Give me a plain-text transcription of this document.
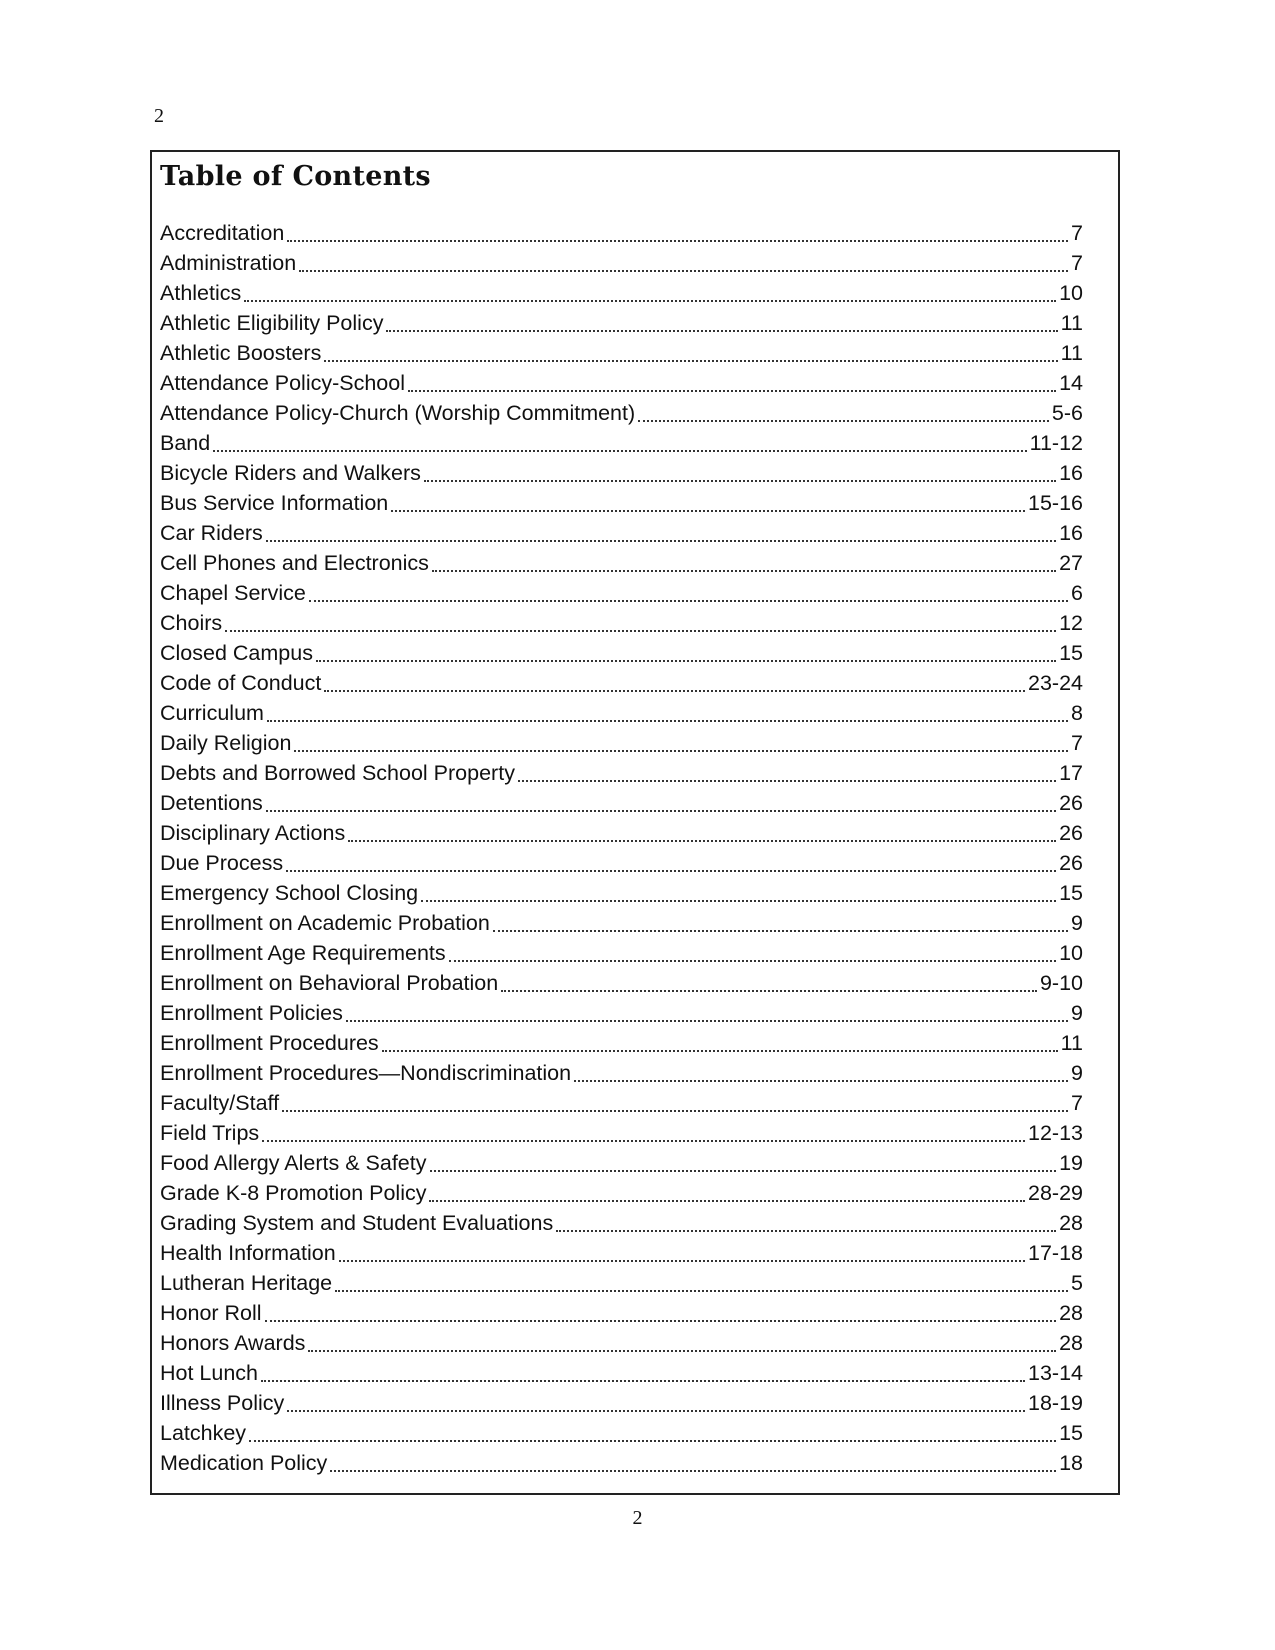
2
Table of Contents
Accreditation	7
Administration	7
Athletics	10
Athletic Eligibility Policy	11
Athletic Boosters	11
Attendance Policy-School	14
Attendance Policy-Church (Worship Commitment)	5-6
Band	11-12
Bicycle Riders and Walkers	16
Bus Service Information	15-16
Car Riders	16
Cell Phones and Electronics	27
Chapel Service	6
Choirs	12
Closed Campus	15
Code of Conduct	23-24
Curriculum	8
Daily Religion	7
Debts and Borrowed School Property	17
Detentions	26
Disciplinary Actions	26
Due Process	26
Emergency School Closing	15
Enrollment on Academic Probation	9
Enrollment Age Requirements	10
Enrollment on Behavioral Probation	9-10
Enrollment Policies	9
Enrollment Procedures	11
Enrollment Procedures—Nondiscrimination	9
Faculty/Staff	7
Field Trips	12-13
Food Allergy Alerts & Safety	19
Grade K-8 Promotion Policy	28-29
Grading System and Student Evaluations	28
Health Information	17-18
Lutheran Heritage	5
Honor Roll	28
Honors Awards	28
Hot Lunch	13-14
Illness Policy	18-19
Latchkey	15
Medication Policy	18
2
